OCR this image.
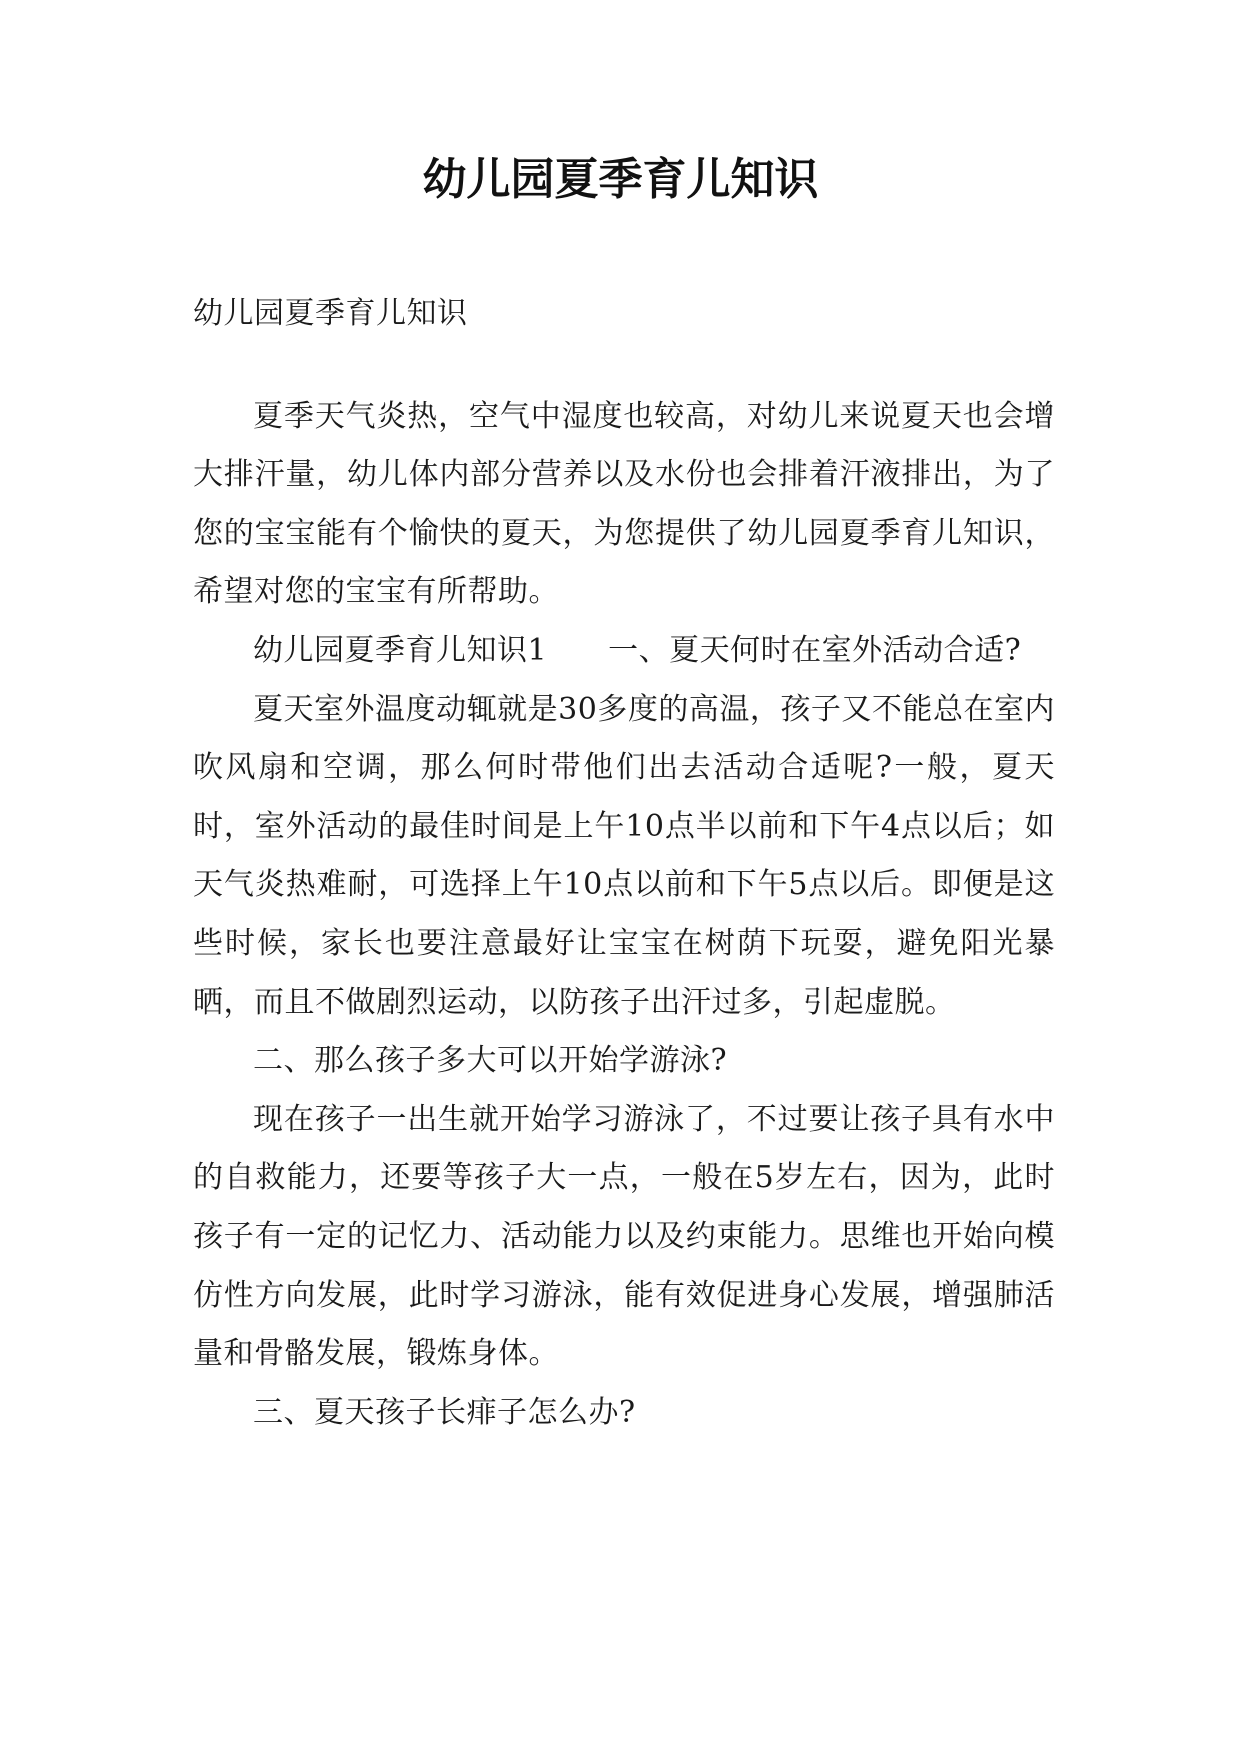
幼儿园夏季育儿知识

幼儿园夏季育儿知识

夏季天气炎热，空气中湿度也较高，对幼儿来说夏天也会增大排汗量，幼儿体内部分营养以及水份也会排着汗液排出，为了您的宝宝能有个愉快的夏天，为您提供了幼儿园夏季育儿知识，希望对您的宝宝有所帮助。

幼儿园夏季育儿知识1　　一、夏天何时在室外活动合适?

夏天室外温度动辄就是30多度的高温，孩子又不能总在室内吹风扇和空调，那么何时带他们出去活动合适呢?一般，夏天时，室外活动的最佳时间是上午10点半以前和下午4点以后；如天气炎热难耐，可选择上午10点以前和下午5点以后。即便是这些时候，家长也要注意最好让宝宝在树荫下玩耍，避免阳光暴晒，而且不做剧烈运动，以防孩子出汗过多，引起虚脱。

二、那么孩子多大可以开始学游泳?

现在孩子一出生就开始学习游泳了，不过要让孩子具有水中的自救能力，还要等孩子大一点，一般在5岁左右，因为，此时孩子有一定的记忆力、活动能力以及约束能力。思维也开始向模仿性方向发展，此时学习游泳，能有效促进身心发展，增强肺活量和骨骼发展，锻炼身体。

三、夏天孩子长痱子怎么办?
